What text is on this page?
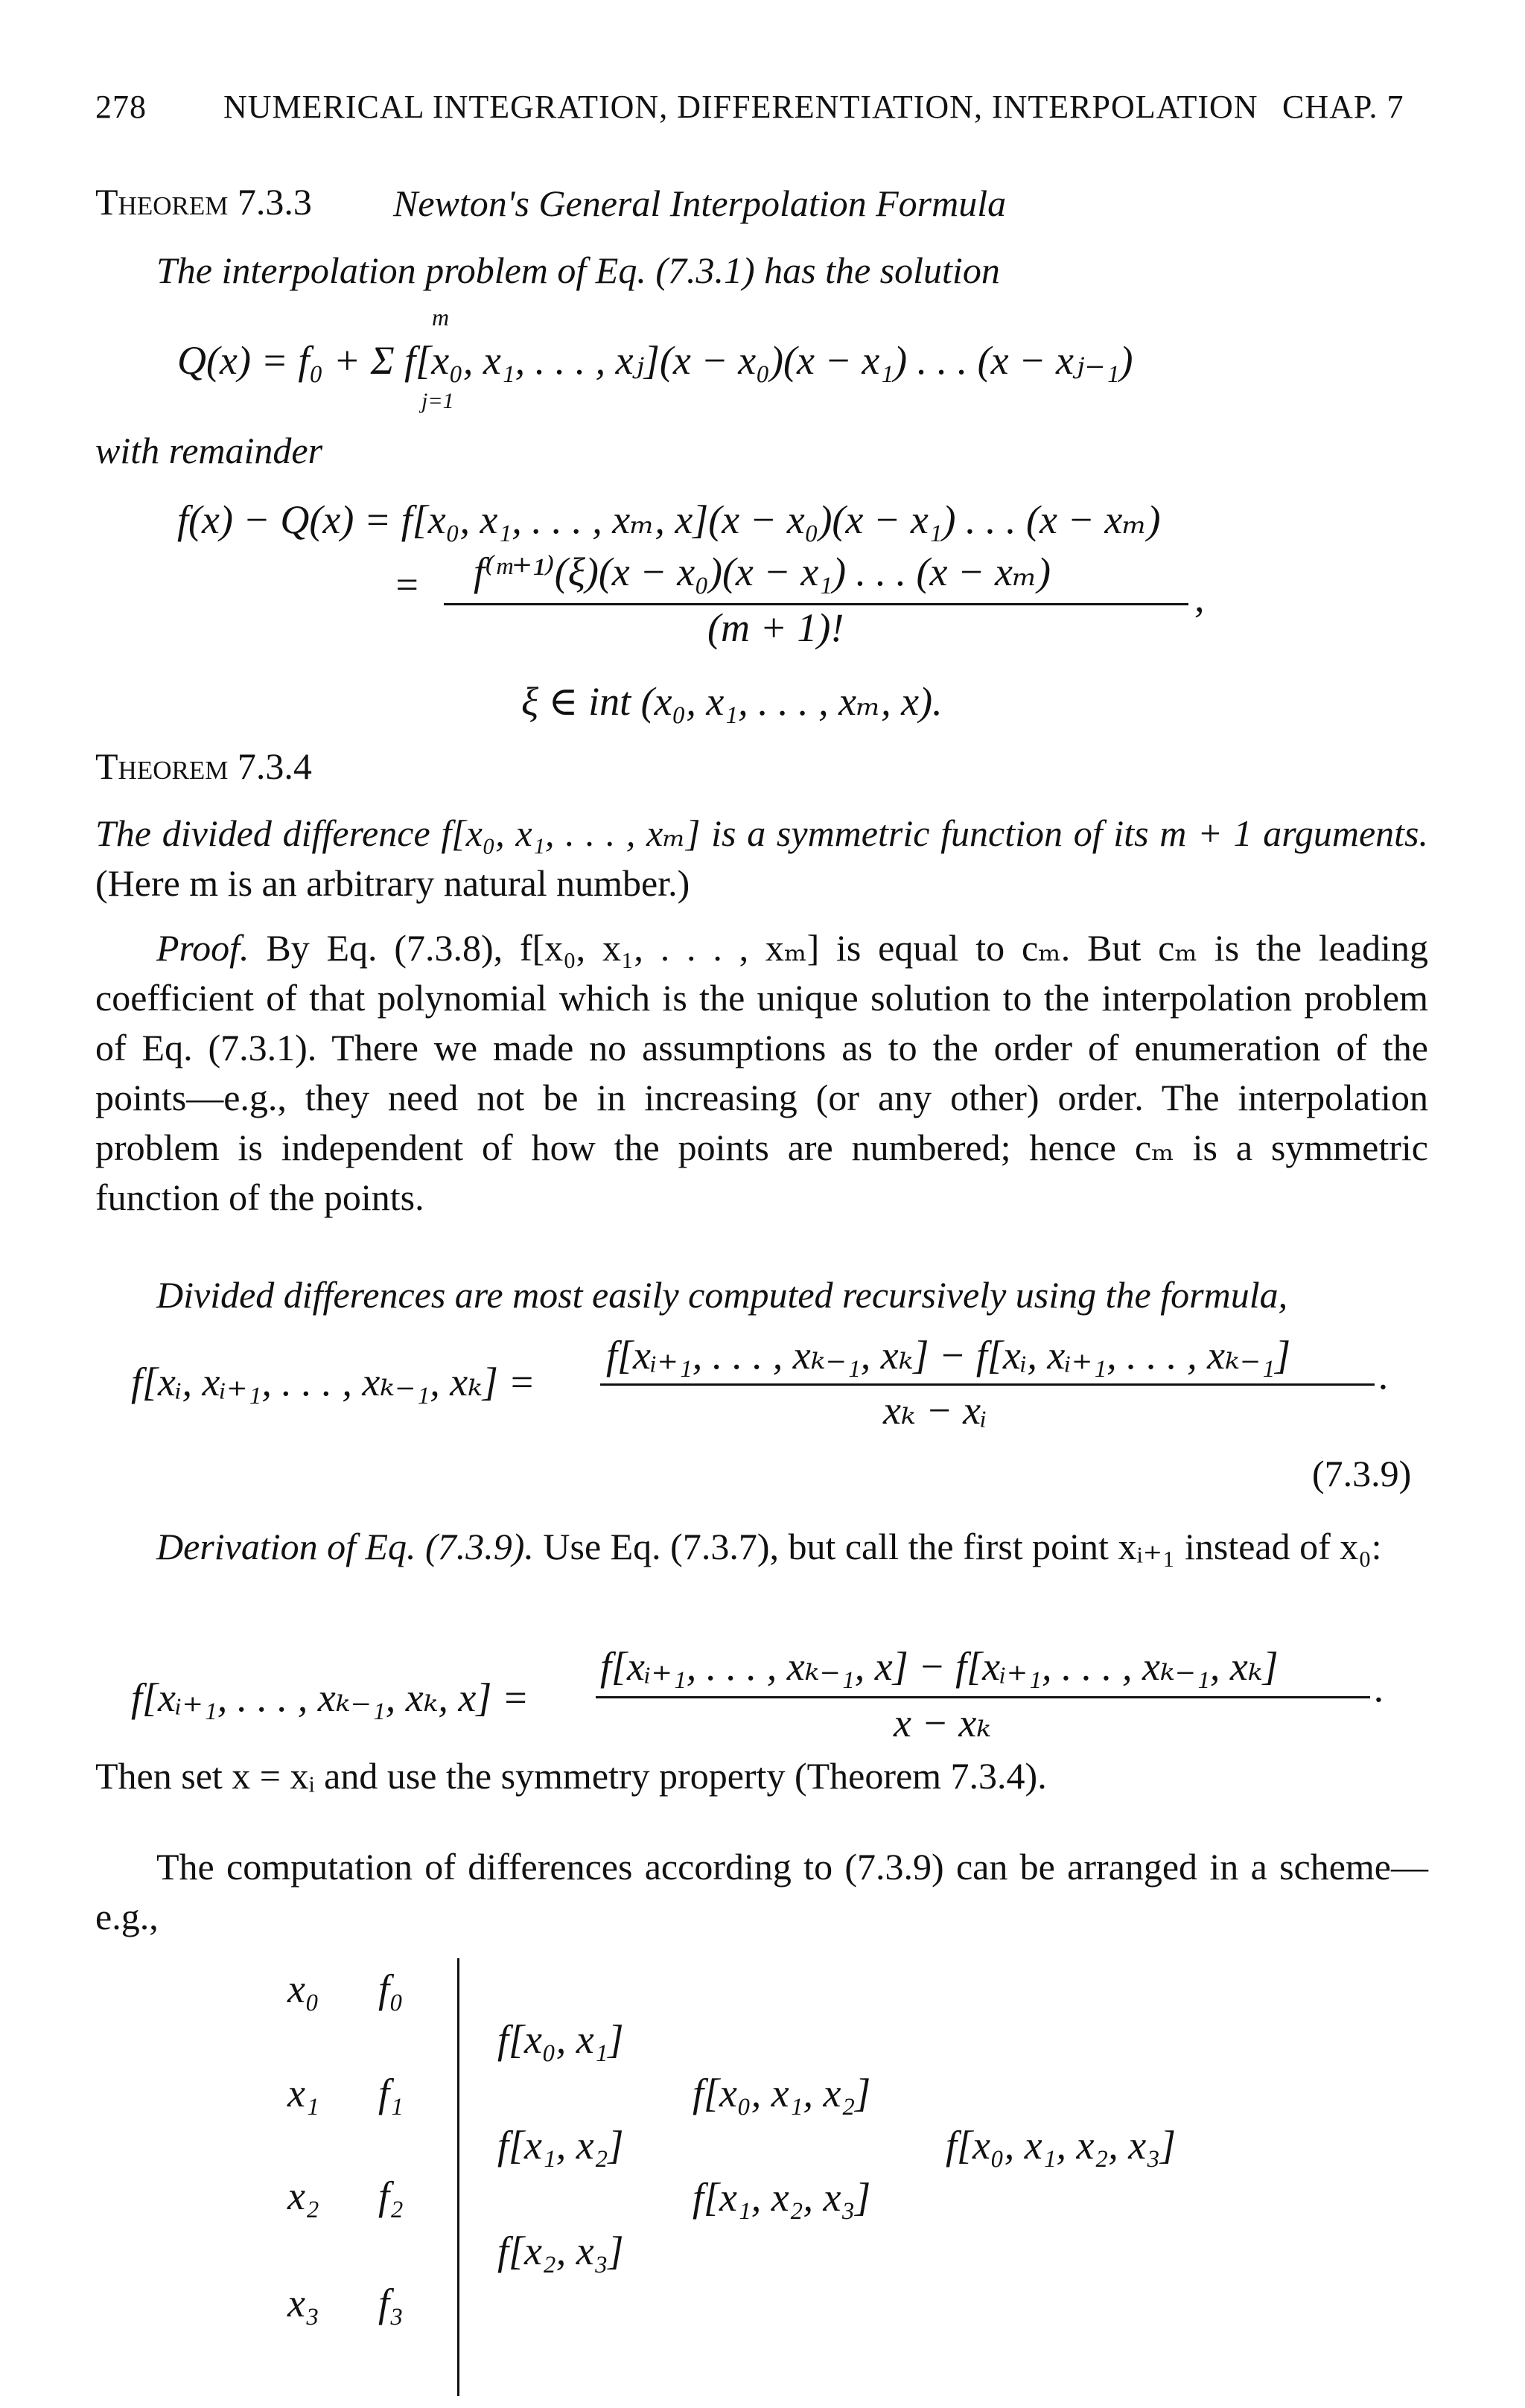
278 NUMERICAL INTEGRATION, DIFFERENTIATION, INTERPOLATION CHAP. 7
Theorem 7.3.3 Newton's General Interpolation Formula
The interpolation problem of Eq. (7.3.1) has the solution
Q(x) = f₀ + Σ f[x₀, x₁, . . . , xⱼ](x − x₀)(x − x₁) . . . (x − xⱼ₋₁)
m
j=1
with remainder
f(x) − Q(x) = f[x₀, x₁, . . . , xₘ, x](x − x₀)(x − x₁) . . . (x − xₘ)
= f⁽ᵐ⁺¹⁾(ξ)(x − x₀)(x − x₁) . . . (x − xₘ)
,
(m + 1)!
ξ ∈ int (x₀, x₁, . . . , xₘ, x).
Theorem 7.3.4
The divided difference f[x₀, x₁, . . . , xₘ] is a symmetric function of its m + 1 arguments. (Here m is an arbitrary natural number.)
Proof. By Eq. (7.3.8), f[x₀, x₁, . . . , xₘ] is equal to cₘ. But cₘ is the leading coefficient of that polynomial which is the unique solution to the interpolation problem of Eq. (7.3.1). There we made no assumptions as to the order of enumeration of the points—e.g., they need not be in increasing (or any other) order. The interpolation problem is independent of how the points are numbered; hence cₘ is a symmetric function of the points.
Divided differences are most easily computed recursively using the formula,
f[xᵢ, xᵢ₊₁, . . . , xₖ₋₁, xₖ] =
f[xᵢ₊₁, . . . , xₖ₋₁, xₖ] − f[xᵢ, xᵢ₊₁, . . . , xₖ₋₁] .
xₖ − xᵢ
(7.3.9)
Derivation of Eq. (7.3.9). Use Eq. (7.3.7), but call the first point xᵢ₊₁ instead of x₀:
f[xᵢ₊₁, . . . , xₖ₋₁, xₖ, x] =
f[xᵢ₊₁, . . . , xₖ₋₁, x] − f[xᵢ₊₁, . . . , xₖ₋₁, xₖ] .
x − xₖ
Then set x = xᵢ and use the symmetry property (Theorem 7.3.4).
The computation of differences according to (7.3.9) can be arranged in a scheme—e.g.,
x₀
x₁
x₂
x₃
f₀
f₁
f₂
f₃
f[x₀, x₁]
f[x₁, x₂]
f[x₂, x₃]
f[x₀, x₁, x₂]
f[x₁, x₂, x₃]
f[x₀, x₁, x₂, x₃]
